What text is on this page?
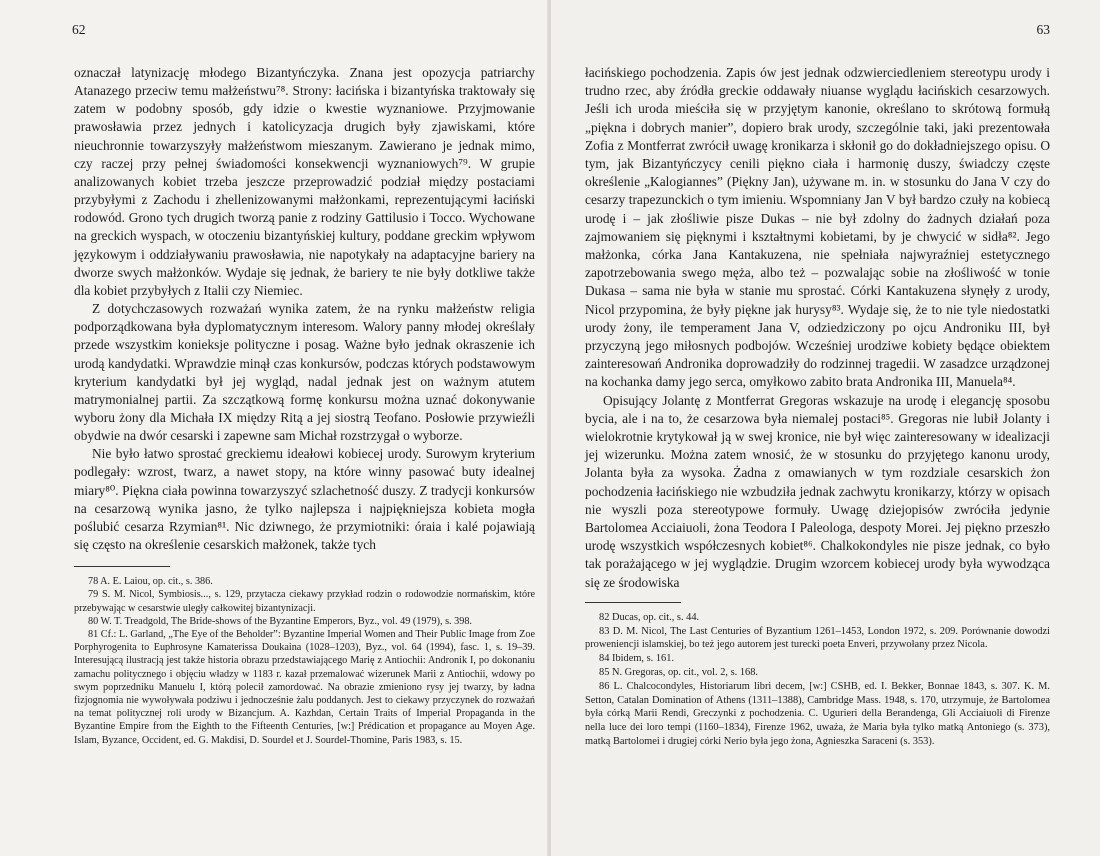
62

oznaczał latynizację młodego Bizantyńczyka. Znana jest opozycja patriarchy Atanazego przeciw temu małżeństwu⁷⁸. Strony: łacińska i bizantyńska traktowały się zatem w podobny sposób, gdy idzie o kwestie wyznaniowe. Przyjmowanie prawosławia przez jednych i katolicyzacja drugich były zjawiskami, które nieuchronnie towarzyszyły małżeństwom mieszanym. Zawierano je jednak mimo, czy raczej przy pełnej świadomości konsekwencji wyznaniowych⁷⁹. W grupie analizowanych kobiet trzeba jeszcze przeprowadzić podział między postaciami przybyłymi z Zachodu i zhellenizowanymi małżonkami, reprezentującymi łaciński rodowód. Grono tych drugich tworzą panie z rodziny Gattilusio i Tocco. Wychowane na greckich wyspach, w otoczeniu bizantyńskiej kultury, poddane greckim wpływom językowym i oddziaływaniu prawosławia, nie napotykały na adaptacyjne bariery na dworze swych małżonków. Wydaje się jednak, że bariery te nie były dotkliwe także dla kobiet przybyłych z Italii czy Niemiec.

Z dotychczasowych rozważań wynika zatem, że na rynku małżeństw religia podporządkowana była dyplomatycznym interesom. Walory panny młodej określały przede wszystkim konieksje polityczne i posag. Ważne było jednak okraszenie ich urodą kandydatki. Wprawdzie minął czas konkursów, podczas których podstawowym kryterium kandydatki był jej wygląd, nadal jednak jest on ważnym atutem matrymonialnej partii. Za szczątkową formę konkursu można uznać dokonywanie wyboru żony dla Michała IX między Ritą a jej siostrą Teofano. Posłowie przywieźli obydwie na dwór cesarski i zapewne sam Michał rozstrzygał o wyborze.

Nie było łatwo sprostać greckiemu ideałowi kobiecej urody. Surowym kryterium podlegały: wzrost, twarz, a nawet stopy, na które winny pasować buty idealnej miary⁸⁰. Piękna ciała powinna towarzyszyć szlachetność duszy. Z tradycji konkursów na cesarzową wynika jasno, że tylko najlepsza i najpiękniejsza kobieta mogła poślubić cesarza Rzymian⁸¹. Nic dziwnego, że przymiotniki: óraia i kalé pojawiają się często na określenie cesarskich małżonek, także tych

78 A. E. Laiou, op. cit., s. 386.

79 S. M. Nicol, Symbiosis..., s. 129, przytacza ciekawy przykład rodzin o rodowodzie normańskim, które przebywając w cesarstwie uległy całkowitej bizantynizacji.

80 W. T. Treadgold, The Bride-shows of the Byzantine Emperors, Byz., vol. 49 (1979), s. 398.

81 Cf.: L. Garland, „The Eye of the Beholder”: Byzantine Imperial Women and Their Public Image from Zoe Porphyrogenita to Euphrosyne Kamaterissa Doukaina (1028–1203), Byz., vol. 64 (1994), fasc. 1, s. 19–39. Interesującą ilustracją jest także historia obrazu przedstawiającego Marię z Antiochii: Andronik I, po dokonaniu zamachu politycznego i objęciu władzy w 1183 r. kazał przemalować wizerunek Marii z Antiochii, wdowy po swym poprzedniku Manuelu I, którą polecił zamordować. Na obrazie zmieniono rysy jej twarzy, by ładna fizjognomia nie wywoływała podziwu i jednocześnie żalu poddanych. Jest to ciekawy przyczynek do rozważań na temat politycznej roli urody w Bizancjum. A. Kazhdan, Certain Traits of Imperial Propaganda in the Byzantine Empire from the Eighth to the Fifteenth Centuries, [w:] Prédication et propagance au Moyen Age. Islam, Byzance, Occident, ed. G. Makdisi, D. Sourdel et J. Sourdel-Thomine, Paris 1983, s. 15.

63

łacińskiego pochodzenia. Zapis ów jest jednak odzwierciedleniem stereotypu urody i trudno rzec, aby źródła greckie oddawały niuanse wyglądu łacińskich cesarzowych. Jeśli ich uroda mieściła się w przyjętym kanonie, określano to skrótową formułą „piękna i dobrych manier”, dopiero brak urody, szczególnie taki, jaki prezentowała Zofia z Montferrat zwrócił uwagę kronikarza i skłonił go do dokładniejszego opisu. O tym, jak Bizantyńczycy cenili piękno ciała i harmonię duszy, świadczy częste określenie „Kalogiannes” (Piękny Jan), używane m. in. w stosunku do Jana V czy do cesarzy trapezunckich o tym imieniu. Wspomniany Jan V był bardzo czuły na kobiecą urodę i – jak złośliwie pisze Dukas – nie był zdolny do żadnych działań poza zajmowaniem się pięknymi i kształtnymi kobietami, by je chwycić w sidła⁸². Jego małżonka, córka Jana Kantakuzena, nie spełniała najwyraźniej estetycznego zapotrzebowania swego męża, albo też – pozwalając sobie na złośliwość w tonie Dukasa – sama nie była w stanie mu sprostać. Córki Kantakuzena słynęły z urody, Nicol przypomina, że były piękne jak hurysy⁸³. Wydaje się, że to nie tyle niedostatki urody żony, ile temperament Jana V, odziedziczony po ojcu Androniku III, był przyczyną jego miłosnych podbojów. Wcześniej urodziwe kobiety będące obiektem zainteresowań Andronika doprowadziły do rodzinnej tragedii. W zasadzce urządzonej na kochanka damy jego serca, omyłkowo zabito brata Andronika III, Manuela⁸⁴.

Opisujący Jolantę z Montferrat Gregoras wskazuje na urodę i elegancję sposobu bycia, ale i na to, że cesarzowa była niemalej postaci⁸⁵. Gregoras nie lubił Jolanty i wielokrotnie krytykował ją w swej kronice, nie był więc zainteresowany w idealizacji jej wizerunku. Można zatem wnosić, że w stosunku do przyjętego kanonu urody, Jolanta była za wysoka. Żadna z omawianych w tym rozdziale cesarskich żon pochodzenia łacińskiego nie wzbudziła jednak zachwytu kronikarzy, którzy w opisach nie wyszli poza stereotypowe formuły. Uwagę dziejopisów zwróciła jedynie Bartolomea Acciaiuoli, żona Teodora I Paleologa, despoty Morei. Jej piękno przeszło urodę wszystkich współczesnych kobiet⁸⁶. Chalkokondyles nie pisze jednak, co było tak porażającego w jej wyglądzie. Drugim wzorcem kobiecej urody była wywodząca się ze środowiska

82 Ducas, op. cit., s. 44.

83 D. M. Nicol, The Last Centuries of Byzantium 1261–1453, London 1972, s. 209. Porównanie dowodzi proweniencji islamskiej, bo też jego autorem jest turecki poeta Enveri, przywołany przez Nicola.

84 Ibidem, s. 161.

85 N. Gregoras, op. cit., vol. 2, s. 168.

86 L. Chalcocondyles, Historiarum libri decem, [w:] CSHB, ed. I. Bekker, Bonnae 1843, s. 307. K. M. Setton, Catalan Domination of Athens (1311–1388), Cambridge Mass. 1948, s. 170, utrzymuje, że Bartolomea była córką Marii Rendi, Greczynki z pochodzenia. C. Ugurieri della Berandenga, Gli Acciaiuoli di Firenze nella luce dei loro tempi (1160–1834), Firenze 1962, uważa, że Maria była tylko matką Antoniego (s. 373), matką Bartolomei i drugiej córki Nerio była jego żona, Agnieszka Saraceni (s. 353).
